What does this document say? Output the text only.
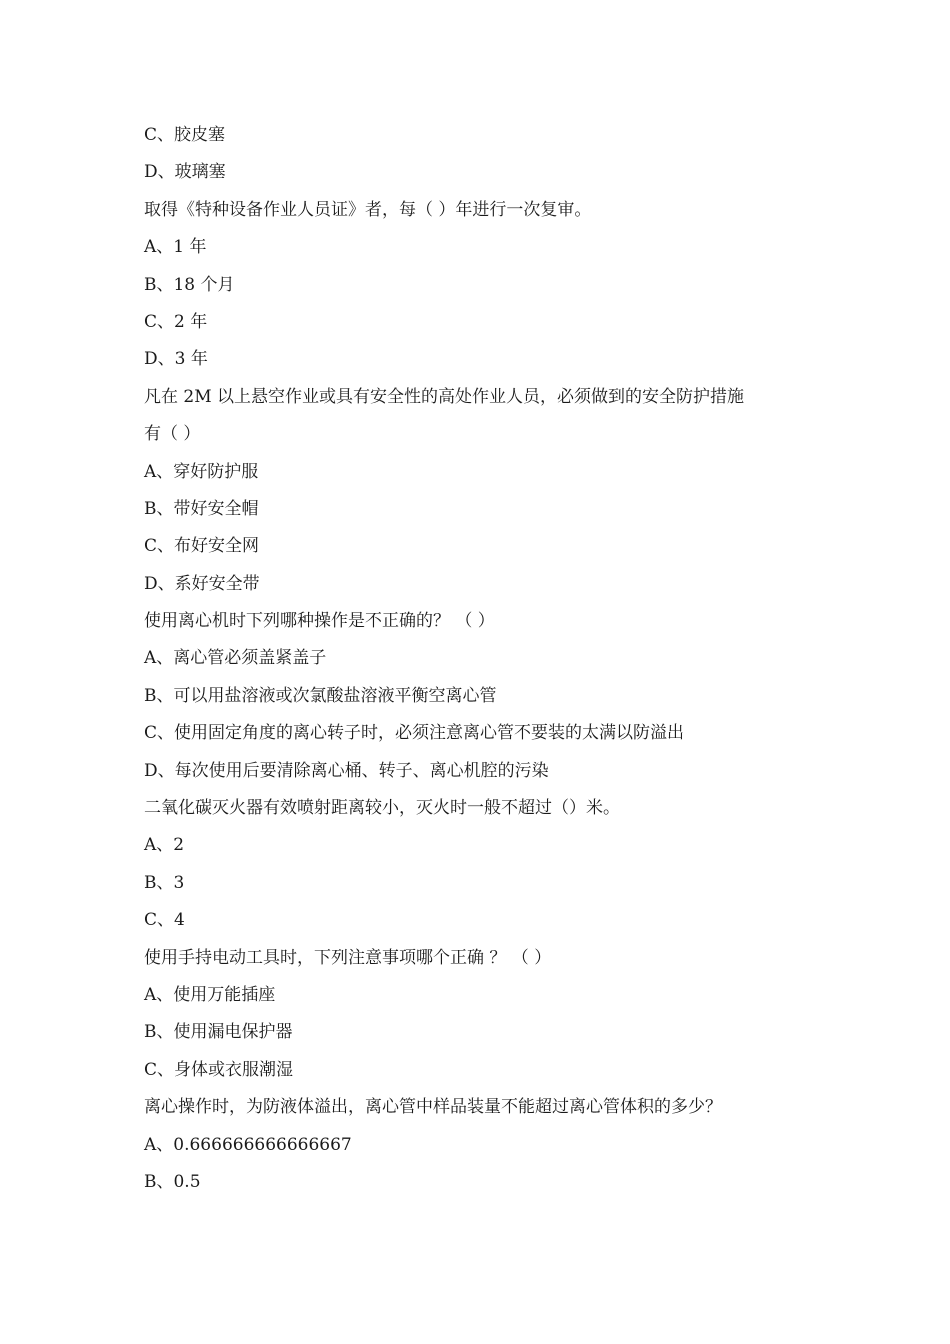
C、胶皮塞

D、玻璃塞

取得《特种设备作业人员证》者，每（ ）年进行一次复审。

A、1 年

B、18 个月

C、2 年

D、3 年

凡在 2M 以上悬空作业或具有安全性的高处作业人员，必须做到的安全防护措施

有（ ）

A、穿好防护服

B、带好安全帽

C、布好安全网

D、系好安全带

使用离心机时下列哪种操作是不正确的？ （ ）

A、离心管必须盖紧盖子

B、可以用盐溶液或次氯酸盐溶液平衡空离心管

C、使用固定角度的离心转子时，必须注意离心管不要装的太满以防溢出

D、每次使用后要清除离心桶、转子、离心机腔的污染

二氧化碳灭火器有效喷射距离较小，灭火时一般不超过（）米。

A、2

B、3

C、4

使用手持电动工具时，下列注意事项哪个正确 ？ （ ）

A、使用万能插座

B、使用漏电保护器

C、身体或衣服潮湿

离心操作时，为防液体溢出，离心管中样品装量不能超过离心管体积的多少？

A、0.666666666666667

B、0.5
